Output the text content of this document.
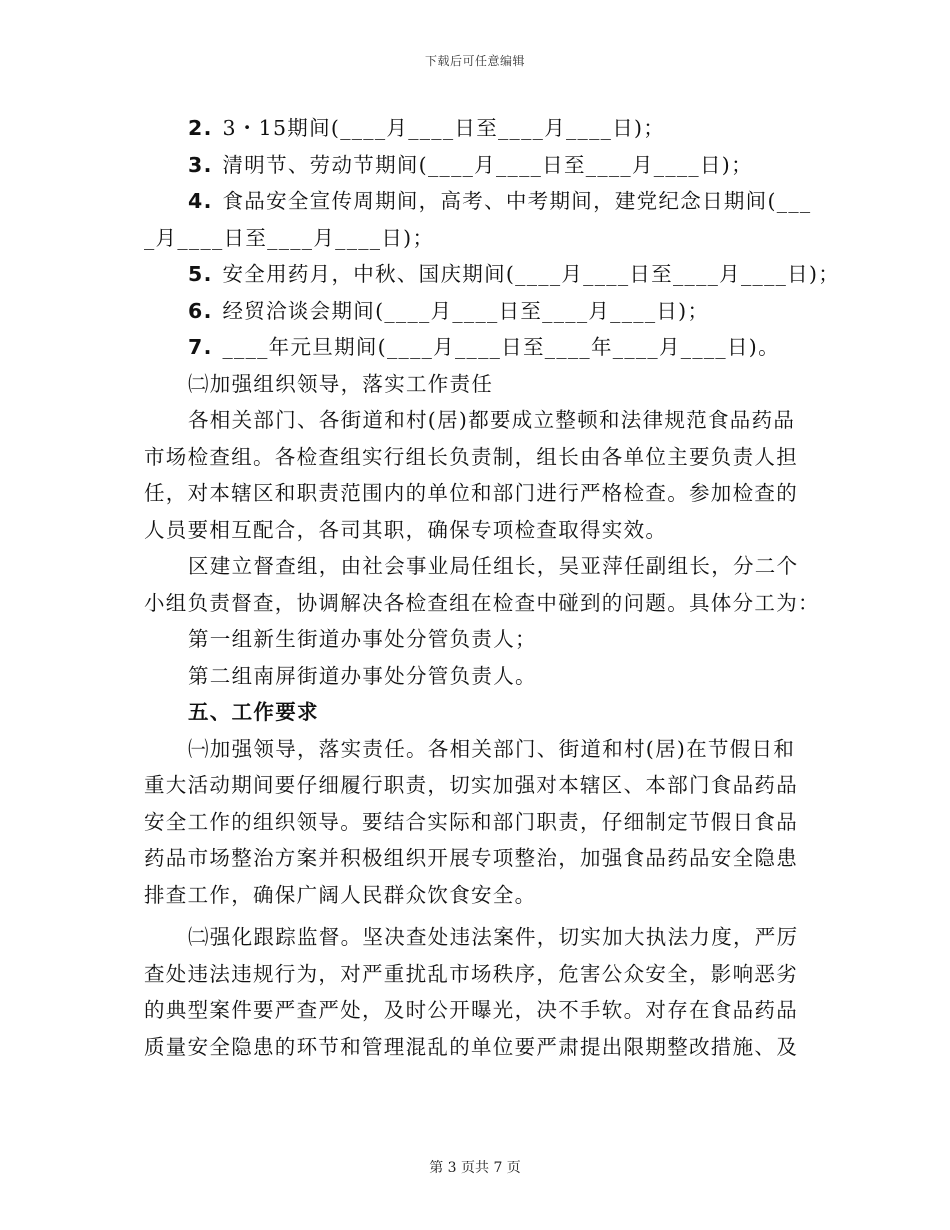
下载后可任意编辑
2. 3・15期间(____月____日至____月____日)；
3. 清明节、劳动节期间(____月____日至____月____日)；
4. 食品安全宣传周期间，高考、中考期间，建党纪念日期间(___
_月____日至____月____日)；
5. 安全用药月，中秋、国庆期间(____月____日至____月____日)；
6. 经贸洽谈会期间(____月____日至____月____日)；
7. ____年元旦期间(____月____日至____年____月____日)。
㈡加强组织领导，落实工作责任
各相关部门、各街道和村(居)都要成立整顿和法律规范食品药品
市场检查组。各检查组实行组长负责制，组长由各单位主要负责人担
任，对本辖区和职责范围内的单位和部门进行严格检查。参加检查的
人员要相互配合，各司其职，确保专项检查取得实效。
区建立督查组，由社会事业局任组长，吴亚萍任副组长，分二个
小组负责督查，协调解决各检查组在检查中碰到的问题。具体分工为：
第一组新生街道办事处分管负责人；
第二组南屏街道办事处分管负责人。
五、工作要求
㈠加强领导，落实责任。各相关部门、街道和村(居)在节假日和
重大活动期间要仔细履行职责，切实加强对本辖区、本部门食品药品
安全工作的组织领导。要结合实际和部门职责，仔细制定节假日食品
药品市场整治方案并积极组织开展专项整治，加强食品药品安全隐患
排查工作，确保广阔人民群众饮食安全。
㈡强化跟踪监督。坚决查处违法案件，切实加大执法力度，严厉
查处违法违规行为，对严重扰乱市场秩序，危害公众安全，影响恶劣
的典型案件要严查严处，及时公开曝光，决不手软。对存在食品药品
质量安全隐患的环节和管理混乱的单位要严肃提出限期整改措施、及
第 3 页共 7 页
